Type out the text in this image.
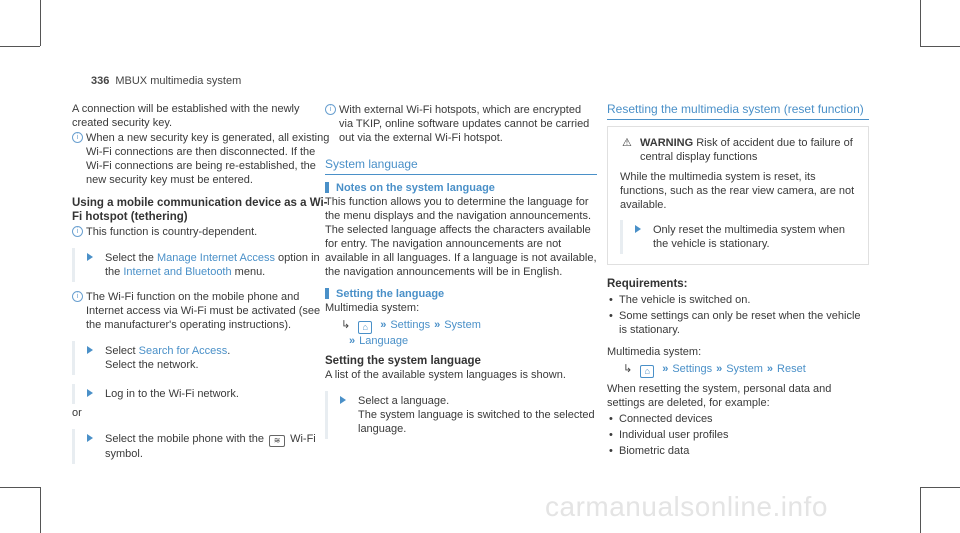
336 MBUX multimedia system

A connection will be established with the newly created security key.

i When a new security key is generated, all existing Wi-Fi connections are then disconnected. If the Wi-Fi connections are being re-established, the new security key must be entered.
Using a mobile communication device as a Wi-Fi hotspot (tethering)
i This function is country-dependent.
Select the Manage Internet Access option in the Internet and Bluetooth menu.
i The Wi-Fi function on the mobile phone and Internet access via Wi-Fi must be activated (see the manufacturer's operating instructions).
Select Search for Access.
Select the network.
Log in to the Wi-Fi network.

or

Select the mobile phone with the ≋ Wi-Fi symbol.
i With external Wi-Fi hotspots, which are encrypted via TKIP, online software updates cannot be carried out via the external Wi-Fi hotspot.
System language
Notes on the system language

This function allows you to determine the language for the menu displays and the navigation announcements. The selected language affects the characters available for entry. The navigation announcements are not available in all languages. If a language is not available, the navigation announcements will be in English.

Setting the language

Multimedia system:

↳ ⌂ » Settings » System
» Language
Setting the system language

A list of the available system languages is shown.

Select a language.
The system language is switched to the selected language.
Resetting the multimedia system (reset function)
⚠ WARNING Risk of accident due to failure of central display functions

While the multimedia system is reset, its functions, such as the rear view camera, are not available.

Only reset the multimedia system when the vehicle is stationary.
Requirements:
• The vehicle is switched on.
• Some settings can only be reset when the vehicle is stationary.

Multimedia system:

↳ ⌂ » Settings » System » Reset

When resetting the system, personal data and settings are deleted, for example:

• Connected devices
• Individual user profiles
• Biometric data
carmanualsonline.info
